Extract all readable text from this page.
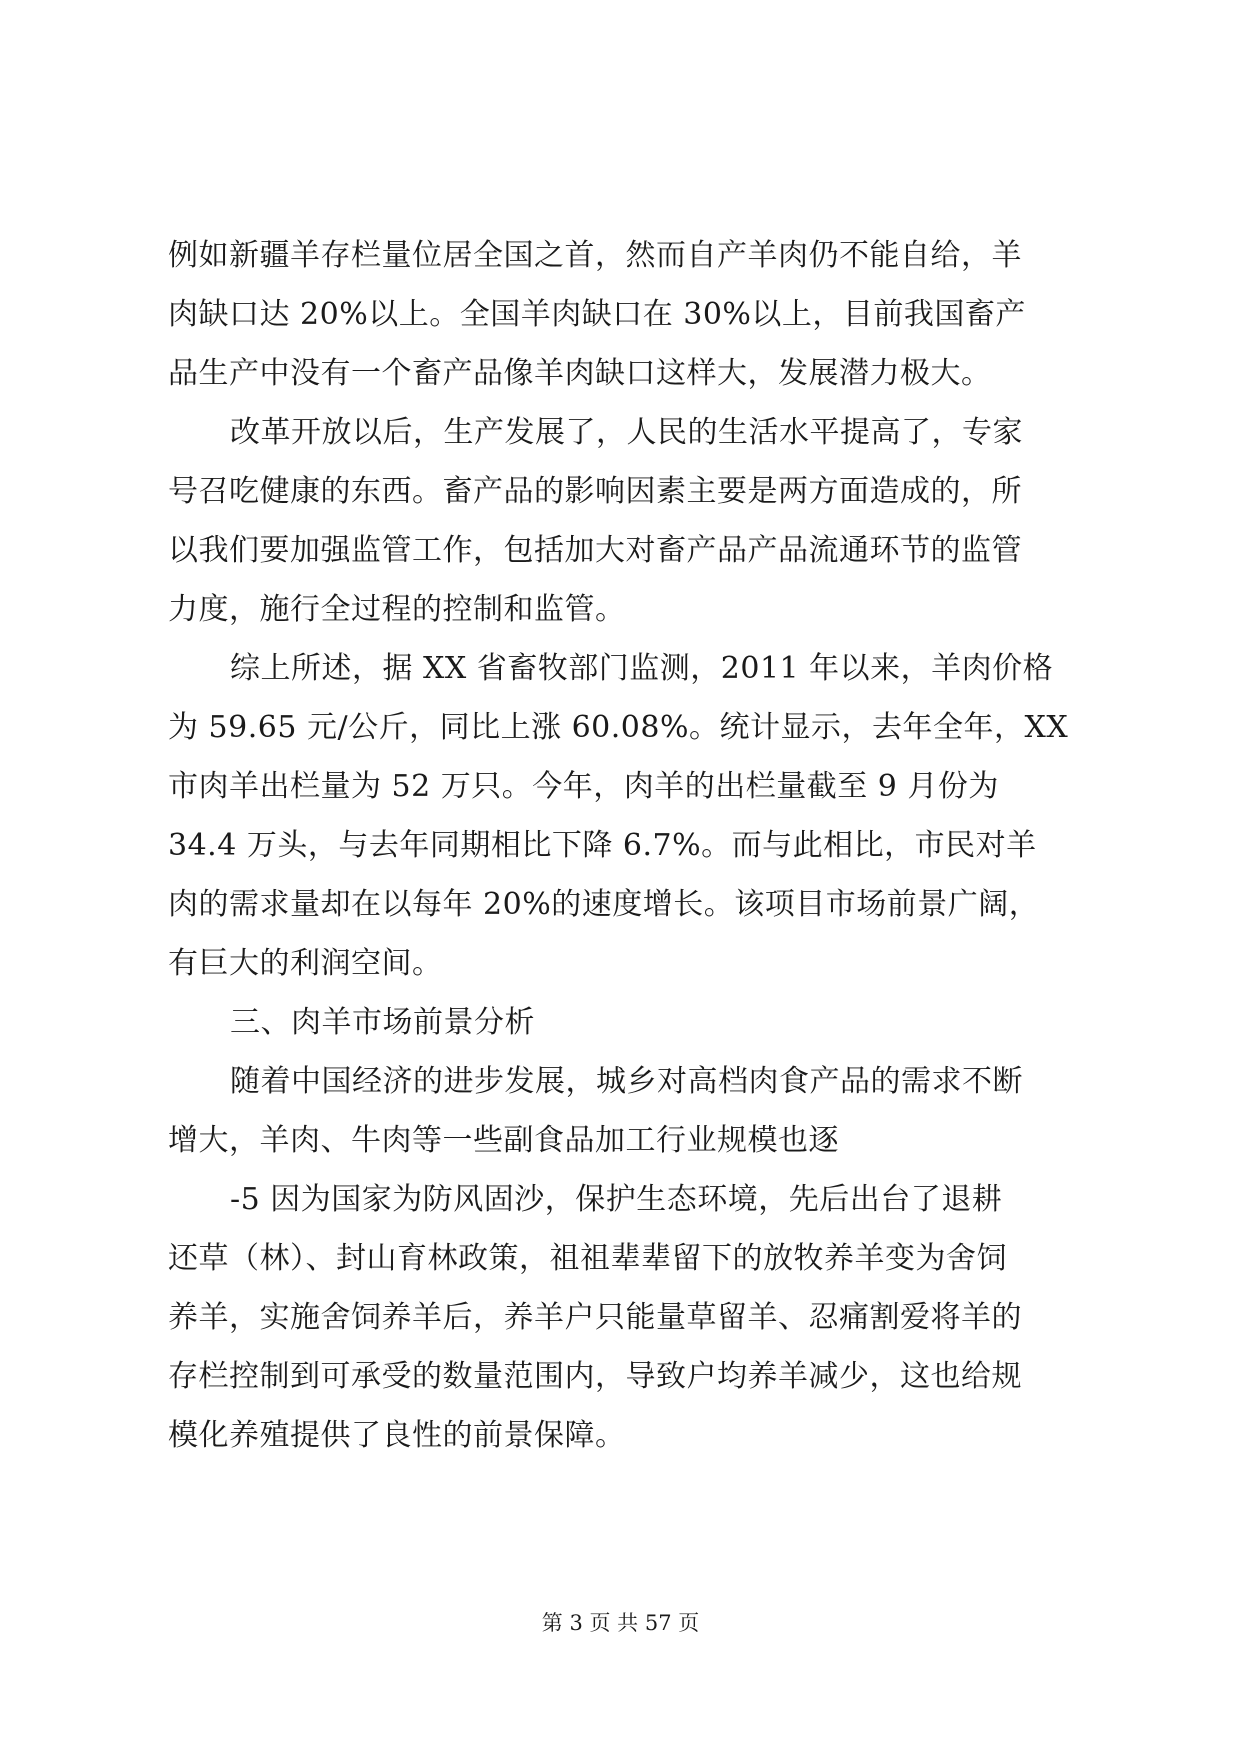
例如新疆羊存栏量位居全国之首，然而自产羊肉仍不能自给，羊
肉缺口达 20%以上。全国羊肉缺口在 30%以上，目前我国畜产
品生产中没有一个畜产品像羊肉缺口这样大，发展潜力极大。
改革开放以后，生产发展了，人民的生活水平提高了，专家
号召吃健康的东西。畜产品的影响因素主要是两方面造成的，所
以我们要加强监管工作，包括加大对畜产品产品流通环节的监管
力度，施行全过程的控制和监管。
综上所述，据 XX 省畜牧部门监测，2011 年以来，羊肉价格
为 59.65 元/公斤，同比上涨 60.08%。统计显示，去年全年，XX
市肉羊出栏量为 52 万只。今年，肉羊的出栏量截至 9 月份为
34.4 万头，与去年同期相比下降 6.7%。而与此相比，市民对羊
肉的需求量却在以每年 20%的速度增长。该项目市场前景广阔，
有巨大的利润空间。
三、肉羊市场前景分析
随着中国经济的进步发展，城乡对高档肉食产品的需求不断
增大，羊肉、牛肉等一些副食品加工行业规模也逐
-5 因为国家为防风固沙，保护生态环境，先后出台了退耕
还草（林）、封山育林政策，祖祖辈辈留下的放牧养羊变为舍饲
养羊，实施舍饲养羊后，养羊户只能量草留羊、忍痛割爱将羊的
存栏控制到可承受的数量范围内，导致户均养羊减少，这也给规
模化养殖提供了良性的前景保障。
第 3 页 共 57 页
